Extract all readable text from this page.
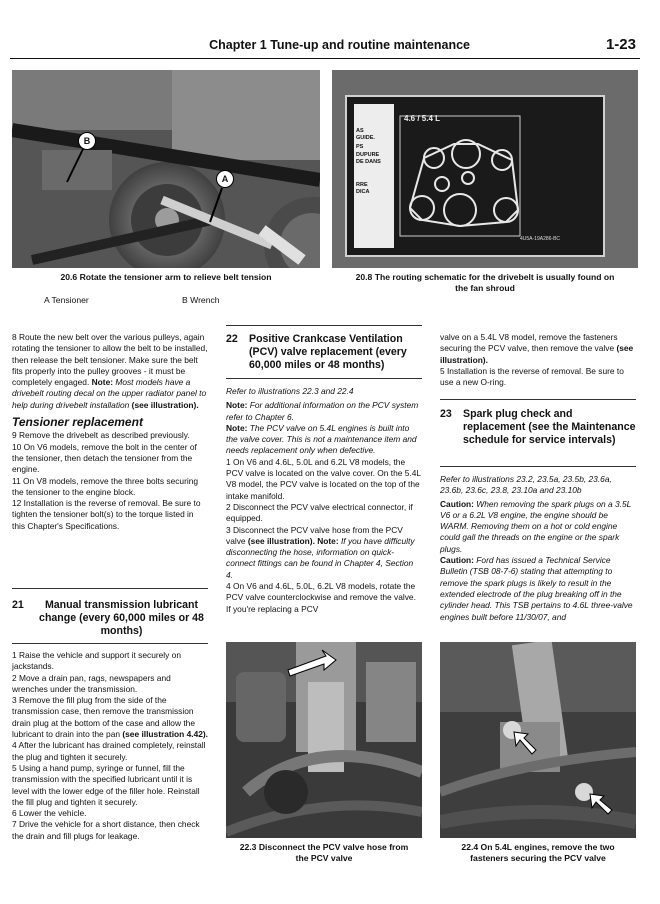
Chapter 1 Tune-up and routine maintenance	1-23
B
A
20.6 Rotate the tensioner arm to relieve belt tension
A Tensioner	B Wrench
4.6 / 5.4 L
AS
GUIDE.
PS
DUPURE
DE DANS
RRE
DICA
4U5A-19A286-BC
20.8 The routing schematic for the drivebelt is usually found on
the fan shroud

8 Route the new belt over the various pulleys, again rotating the tensioner to allow the belt to be installed, then release the belt tensioner. Make sure the belt fits properly into the pulley grooves - it must be completely engaged. Note: Most models have a drivebelt routing decal on the upper radiator panel to help during drivebelt installation (see illustration).

Tensioner replacement

9 Remove the drivebelt as described previously.

10 On V6 models, remove the bolt in the center of the tensioner, then detach the tensioner from the engine.

11 On V8 models, remove the three bolts securing the tensioner to the engine block.

12 Installation is the reverse of removal. Be sure to tighten the tensioner bolt(s) to the torque listed in this Chapter's Specifications.

21	Manual transmission lubricant change (every 60,000 miles or 48 months)

1 Raise the vehicle and support it securely on jackstands.

2 Move a drain pan, rags, newspapers and wrenches under the transmission.

3 Remove the fill plug from the side of the transmission case, then remove the transmission drain plug at the bottom of the case and allow the lubricant to drain into the pan (see illustration 4.42).

4 After the lubricant has drained completely, reinstall the plug and tighten it securely.

5 Using a hand pump, syringe or funnel, fill the transmission with the specified lubricant until it is level with the lower edge of the filler hole. Reinstall the fill plug and tighten it securely.

6 Lower the vehicle.

7 Drive the vehicle for a short distance, then check the drain and fill plugs for leakage.

22 Positive Crankcase Ventilation (PCV) valve replacement (every 60,000 miles or 48 months)

Refer to illustrations 22.3 and 22.4

Note: For additional information on the PCV system refer to Chapter 6.

Note: The PCV valve on 5.4L engines is built into the valve cover. This is not a maintenance item and needs replacement only when defective.

1 On V6 and 4.6L, 5.0L and 6.2L V8 models, the PCV valve is located on the valve cover. On the 5.4L V8 model, the PCV valve is located on the top of the intake manifold.

2 Disconnect the PCV valve electrical connector, if equipped.

3 Disconnect the PCV valve hose from the PCV valve (see illustration). Note: If you have difficulty disconnecting the hose, information on quick-connect fittings can be found in Chapter 4, Section 4.

4 On V6 and 4.6L, 5.0L, 6.2L V8 models, rotate the PCV valve counterclockwise and remove the valve. If you're replacing a PCV

valve on a 5.4L V8 model, remove the fasteners securing the PCV valve, then remove the valve (see illustration).

5 Installation is the reverse of removal. Be sure to use a new O-ring.

23 Spark plug check and replacement (see the Maintenance schedule for service intervals)

Refer to illustrations 23.2, 23.5a, 23.5b, 23.6a, 23.6b, 23.6c, 23.8, 23.10a and 23.10b

Caution: When removing the spark plugs on a 3.5L V6 or a 6.2L V8 engine, the engine should be WARM. Removing them on a hot or cold engine could gall the threads on the engine or the spark plugs.

Caution: Ford has issued a Technical Service Bulletin (TSB 08-7-6) stating that attempting to remove the spark plugs is likely to result in the extended electrode of the plug breaking off in the cylinder head. This TSB pertains to 4.6L three-valve engines built before 11/30/07, and

22.3 Disconnect the PCV valve hose from
the PCV valve
22.4 On 5.4L engines, remove the two
fasteners securing the PCV valve
